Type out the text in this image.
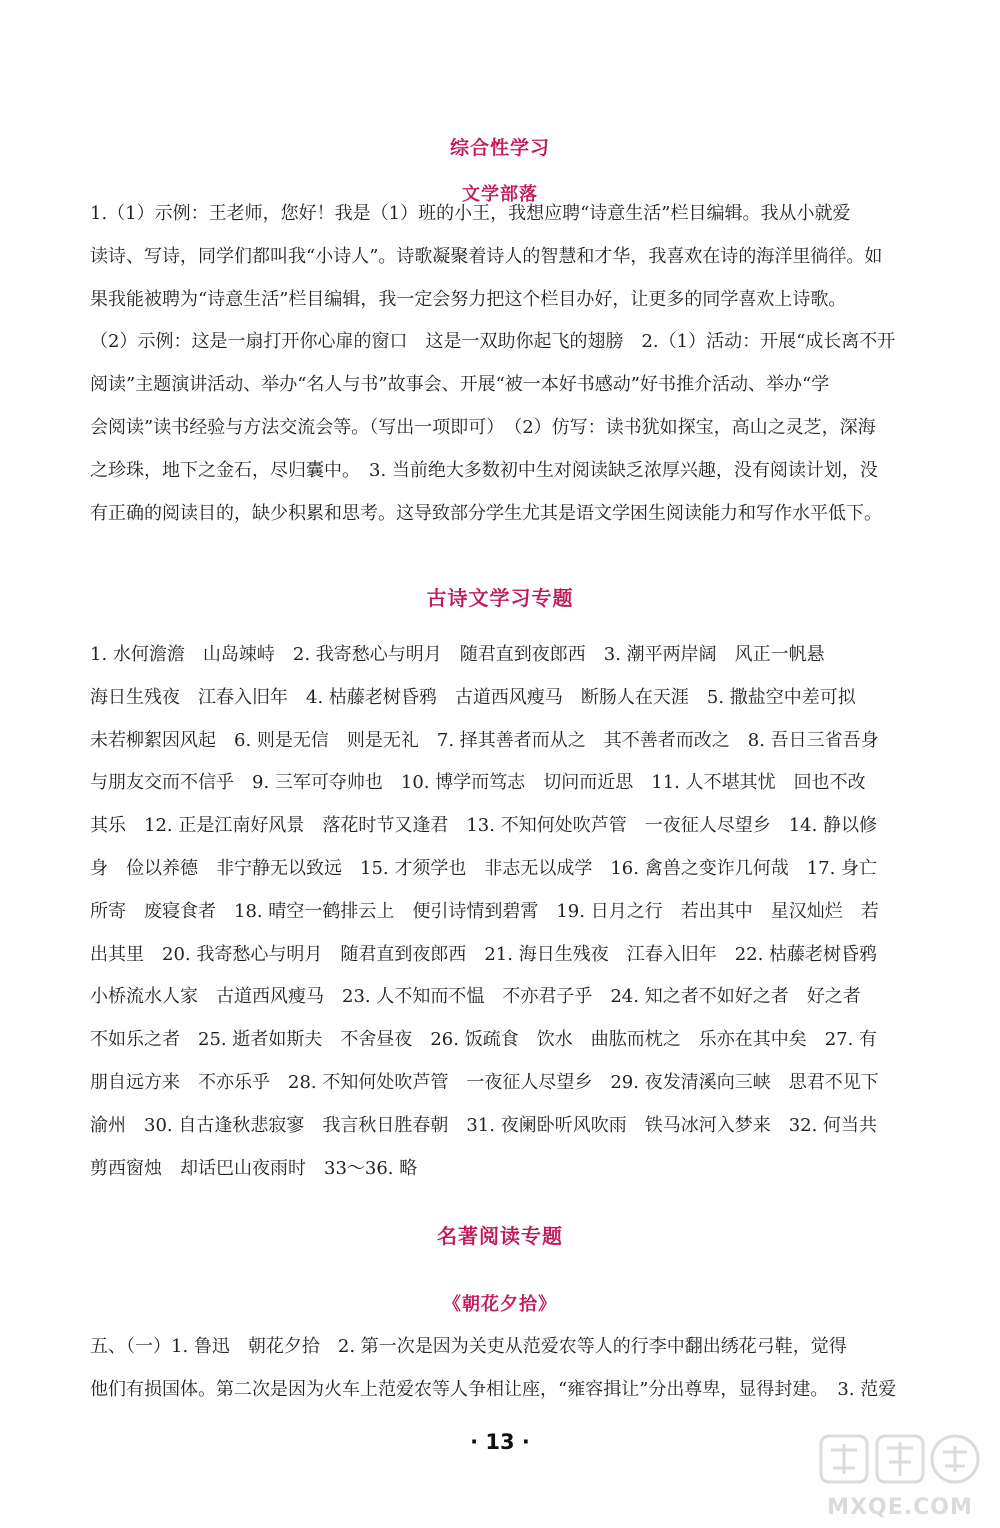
综合性学习
文学部落
1.（1）示例：王老师，您好！我是（1）班的小王，我想应聘“诗意生活”栏目编辑。我从小就爱
读诗、写诗，同学们都叫我“小诗人”。诗歌凝聚着诗人的智慧和才华，我喜欢在诗的海洋里徜徉。如
果我能被聘为“诗意生活”栏目编辑，我一定会努力把这个栏目办好，让更多的同学喜欢上诗歌。
（2）示例：这是一扇打开你心扉的窗口　这是一双助你起飞的翅膀　2.（1）活动：开展“成长离不开
阅读”主题演讲活动、举办“名人与书”故事会、开展“被一本好书感动”好书推介活动、举办“学
会阅读”读书经验与方法交流会等。（写出一项即可）　（2）仿写：读书犹如探宝，高山之灵芝，深海
之珍珠，地下之金石，尽归囊中。　3. 当前绝大多数初中生对阅读缺乏浓厚兴趣，没有阅读计划，没
有正确的阅读目的，缺少积累和思考。这导致部分学生尤其是语文学困生阅读能力和写作水平低下。
古诗文学习专题
1. 水何澹澹　山岛竦峙　2. 我寄愁心与明月　随君直到夜郎西　3. 潮平两岸阔　风正一帆悬
海日生残夜　江春入旧年　4. 枯藤老树昏鸦　古道西风瘦马　断肠人在天涯　5. 撒盐空中差可拟
未若柳絮因风起　6. 则是无信　则是无礼　7. 择其善者而从之　其不善者而改之　8. 吾日三省吾身
与朋友交而不信乎　9. 三军可夺帅也　10. 博学而笃志　切问而近思　11. 人不堪其忧　回也不改
其乐　12. 正是江南好风景　落花时节又逢君　13. 不知何处吹芦管　一夜征人尽望乡　14. 静以修
身　俭以养德　非宁静无以致远　15. 才须学也　非志无以成学　16. 禽兽之变诈几何哉　17. 身亡
所寄　废寝食者　18. 晴空一鹤排云上　便引诗情到碧霄　19. 日月之行　若出其中　星汉灿烂　若
出其里　20. 我寄愁心与明月　随君直到夜郎西　21. 海日生残夜　江春入旧年　22. 枯藤老树昏鸦
小桥流水人家　古道西风瘦马　23. 人不知而不愠　不亦君子乎　24. 知之者不如好之者　好之者
不如乐之者　25. 逝者如斯夫　不舍昼夜　26. 饭疏食　饮水　曲肱而枕之　乐亦在其中矣　27. 有
朋自远方来　不亦乐乎　28. 不知何处吹芦管　一夜征人尽望乡　29. 夜发清溪向三峡　思君不见下
渝州　30. 自古逢秋悲寂寥　我言秋日胜春朝　31. 夜阑卧听风吹雨　铁马冰河入梦来　32. 何当共
剪西窗烛　却话巴山夜雨时　33～36. 略
名著阅读专题
《朝花夕拾》
五、（一）1. 鲁迅　朝花夕拾　2. 第一次是因为关吏从范爱农等人的行李中翻出绣花弓鞋，觉得
他们有损国体。第二次是因为火车上范爱农等人争相让座，“雍容揖让”分出尊卑，显得封建。　3. 范爱
· 13 ·
MXQE.COM
